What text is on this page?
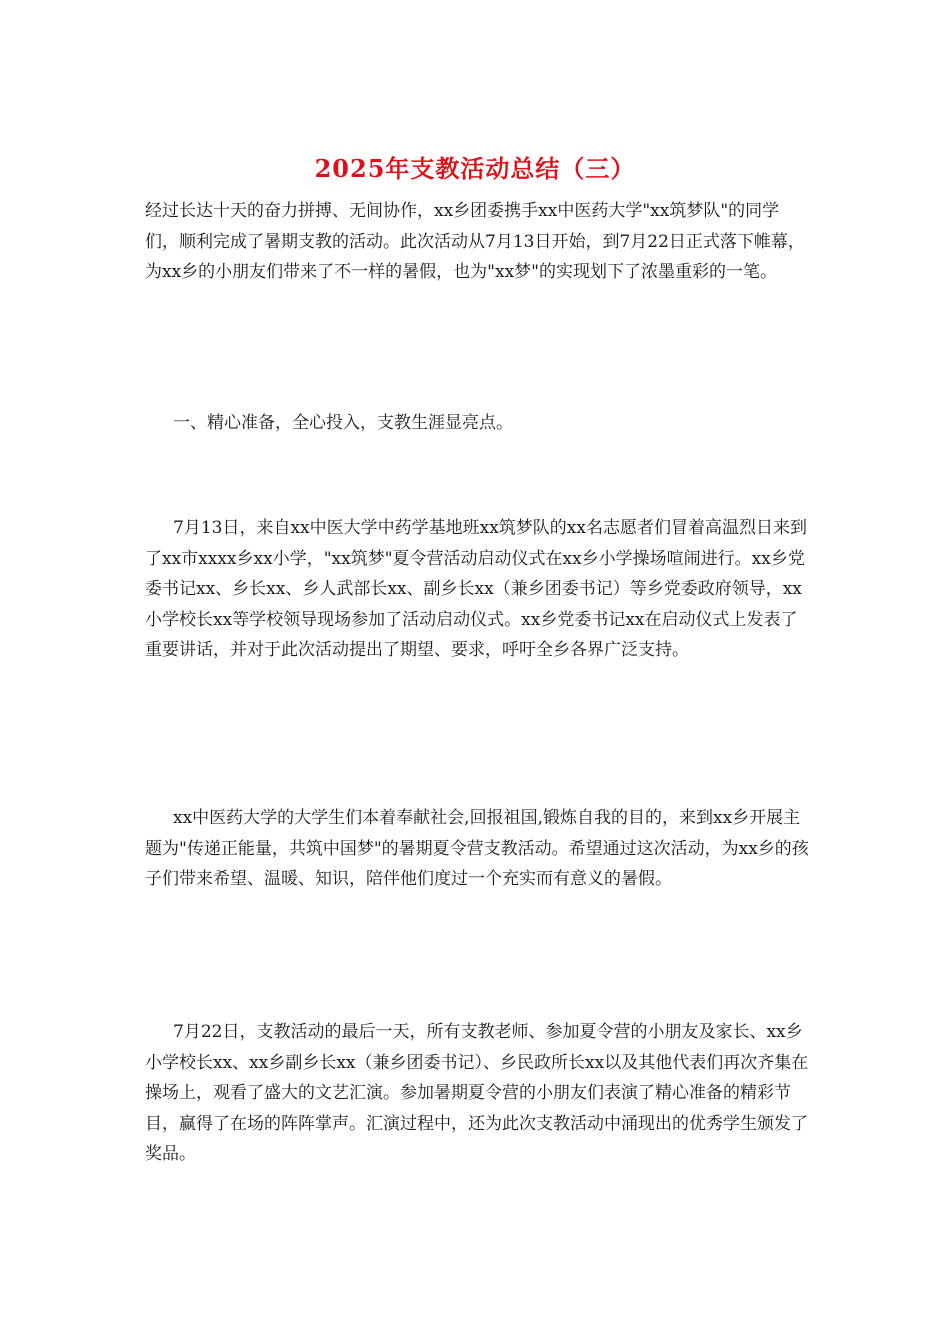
2025年支教活动总结（三）
经过长达十天的奋力拼搏、无间协作，xx乡团委携手xx中医药大学"xx筑梦队"的同学们，顺利完成了暑期支教的活动。此次活动从7月13日开始，到7月22日正式落下帷幕，为xx乡的小朋友们带来了不一样的暑假，也为"xx梦"的实现划下了浓墨重彩的一笔。
一、精心准备，全心投入，支教生涯显亮点。
7月13日，来自xx中医大学中药学基地班xx筑梦队的xx名志愿者们冒着高温烈日来到了xx市xxxx乡xx小学，"xx筑梦"夏令营活动启动仪式在xx乡小学操场喧闹进行。xx乡党委书记xx、乡长xx、乡人武部长xx、副乡长xx（兼乡团委书记）等乡党委政府领导，xx小学校长xx等学校领导现场参加了活动启动仪式。xx乡党委书记xx在启动仪式上发表了重要讲话，并对于此次活动提出了期望、要求，呼吁全乡各界广泛支持。
xx中医药大学的大学生们本着奉献社会,回报祖国,锻炼自我的目的，来到xx乡开展主题为"传递正能量，共筑中国梦"的暑期夏令营支教活动。希望通过这次活动，为xx乡的孩子们带来希望、温暖、知识，陪伴他们度过一个充实而有意义的暑假。
7月22日，支教活动的最后一天，所有支教老师、参加夏令营的小朋友及家长、xx乡小学校长xx、xx乡副乡长xx（兼乡团委书记）、乡民政所长xx以及其他代表们再次齐集在操场上，观看了盛大的文艺汇演。参加暑期夏令营的小朋友们表演了精心准备的精彩节目，赢得了在场的阵阵掌声。汇演过程中，还为此次支教活动中涌现出的优秀学生颁发了奖品。
